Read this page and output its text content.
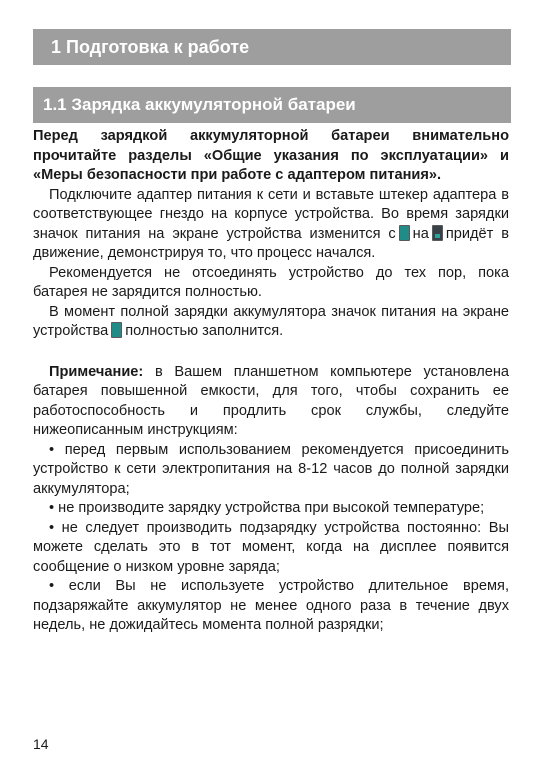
1 Подготовка к работе
1.1 Зарядка аккумуляторной батареи

Перед зарядкой аккумуляторной батареи внимательно прочитайте разделы «Общие указания по эксплуатации» и «Меры безопасности при работе с адаптером питания».

Подключите адаптер питания к сети и вставьте штекер адаптера в соответствующее гнездо на корпусе устройства. Во время зарядки значок питания на экране устройства изменится с на придёт в движение, демонстрируя то, что процесс начался.

Рекомендуется не отсоединять устройство до тех пор, пока батарея не зарядится полностью.

В момент полной зарядки аккумулятора значок питания на экране устройства полностью заполнится.

Примечание: в Вашем планшетном компьютере установлена батарея повышенной емкости, для того, чтобы сохранить ее работоспособность и продлить срок службы, следуйте нижеописанным инструкциям:

• перед первым использованием рекомендуется присоединить устройство к сети электропитания на 8-12 часов до полной зарядки аккумулятора;

• не производите зарядку устройства при высокой температуре;

• не следует производить подзарядку устройства постоянно: Вы можете сделать это в тот момент, когда на дисплее появится сообщение о низком уровне заряда;

• если Вы не используете устройство длительное время, подзаряжайте аккумулятор не менее одного раза в течение двух недель, не дожидайтесь момента полной разрядки;

14
